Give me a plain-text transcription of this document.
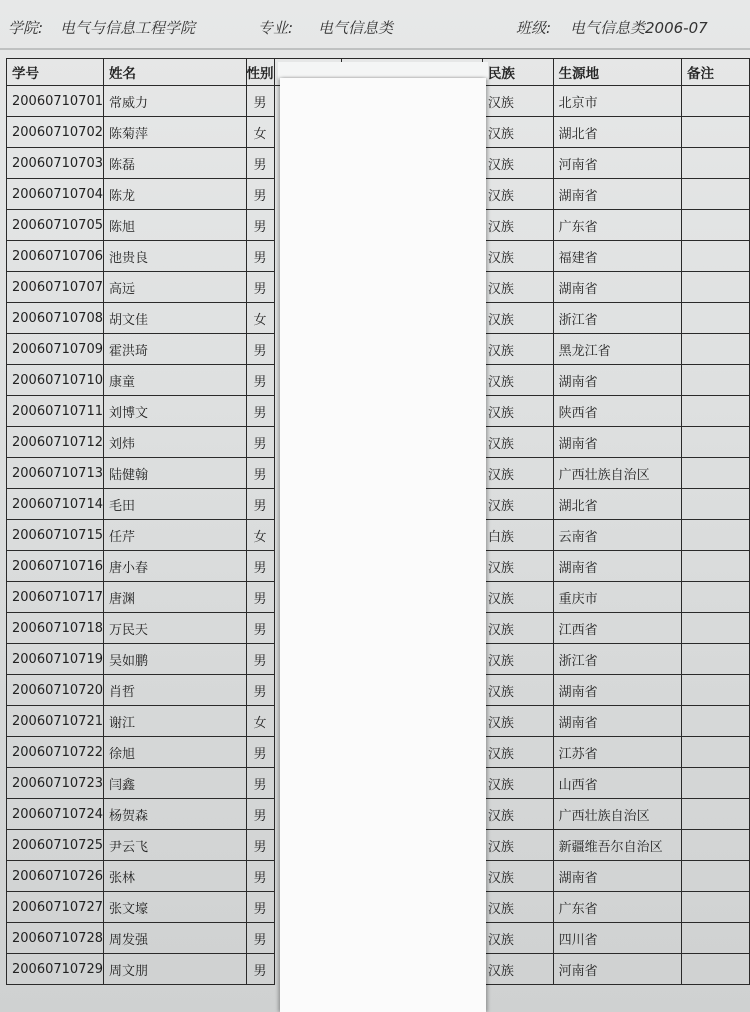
学院: 电气与信息工程学院	专业: 电气信息类	班级: 电气信息类2006-07
学号	姓名	性别			民族	生源地	备注
20060710701	常威力	男			汉族	北京市	
20060710702	陈菊萍	女			汉族	湖北省	
20060710703	陈磊	男			汉族	河南省	
20060710704	陈龙	男			汉族	湖南省	
20060710705	陈旭	男			汉族	广东省	
20060710706	池贵良	男			汉族	福建省	
20060710707	高远	男			汉族	湖南省	
20060710708	胡文佳	女			汉族	浙江省	
20060710709	霍洪琦	男			汉族	黑龙江省	
20060710710	康童	男			汉族	湖南省	
20060710711	刘博文	男			汉族	陕西省	
20060710712	刘炜	男			汉族	湖南省	
20060710713	陆健翰	男			汉族	广西壮族自治区	
20060710714	毛田	男			汉族	湖北省	
20060710715	任芹	女			白族	云南省	
20060710716	唐小春	男			汉族	湖南省	
20060710717	唐渊	男			汉族	重庆市	
20060710718	万民天	男			汉族	江西省	
20060710719	吴如鹏	男			汉族	浙江省	
20060710720	肖哲	男			汉族	湖南省	
20060710721	谢江	女			汉族	湖南省	
20060710722	徐旭	男			汉族	江苏省	
20060710723	闫鑫	男			汉族	山西省	
20060710724	杨贺森	男			汉族	广西壮族自治区	
20060710725	尹云飞	男			汉族	新疆维吾尔自治区	
20060710726	张林	男			汉族	湖南省	
20060710727	张文壕	男			汉族	广东省	
20060710728	周发强	男			汉族	四川省	
20060710729	周文朋	男			汉族	河南省	
